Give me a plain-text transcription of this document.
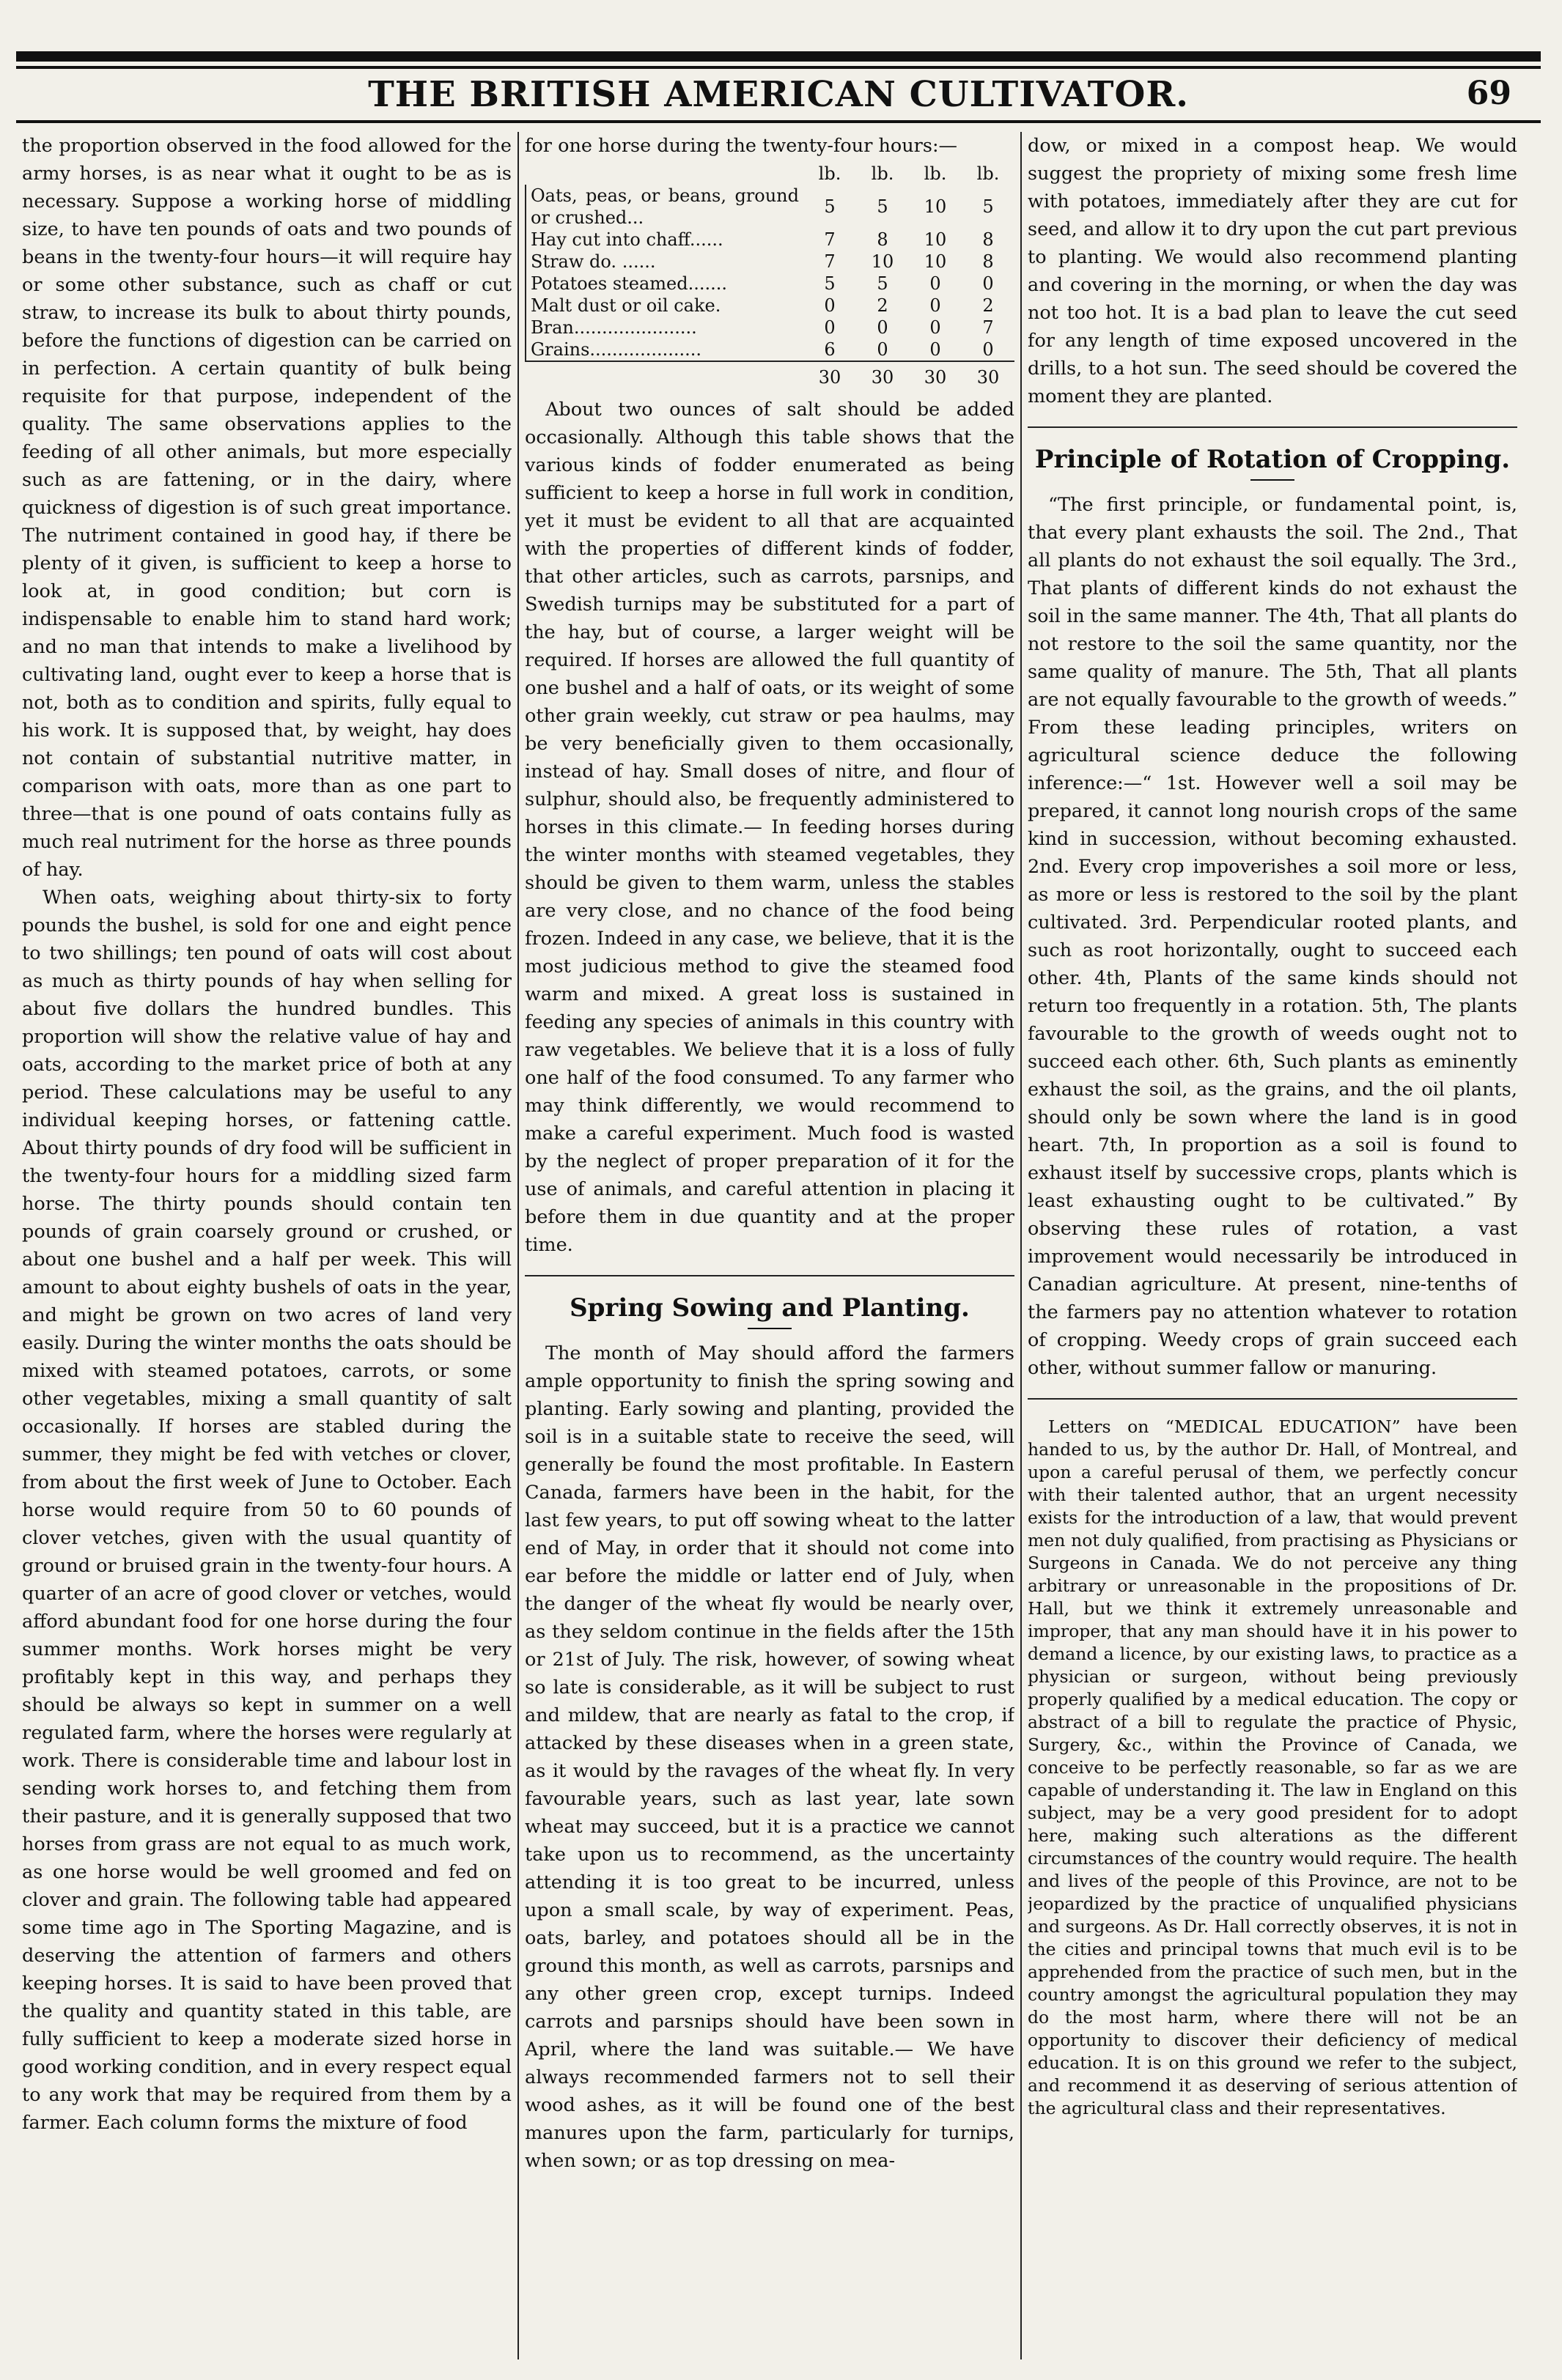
THE BRITISH AMERICAN CULTIVATOR.	69

the proportion observed in the food allowed for the army horses, is as near what it ought to be as is necessary. Suppose a working horse of middling size, to have ten pounds of oats and two pounds of beans in the twenty-four hours—it will require hay or some other substance, such as chaff or cut straw, to increase its bulk to about thirty pounds, before the functions of digestion can be carried on in perfection. A certain quantity of bulk being requisite for that purpose, independent of the quality. The same observations applies to the feeding of all other animals, but more especially such as are fattening, or in the dairy, where quickness of digestion is of such great importance. The nutriment contained in good hay, if there be plenty of it given, is sufficient to keep a horse to look at, in good condition; but corn is indispensable to enable him to stand hard work; and no man that intends to make a livelihood by cultivating land, ought ever to keep a horse that is not, both as to condition and spirits, fully equal to his work. It is supposed that, by weight, hay does not contain of substantial nutritive matter, in comparison with oats, more than as one part to three—that is one pound of oats contains fully as much real nutriment for the horse as three pounds of hay.

When oats, weighing about thirty-six to forty pounds the bushel, is sold for one and eight pence to two shillings; ten pound of oats will cost about as much as thirty pounds of hay when selling for about five dollars the hundred bundles. This proportion will show the relative value of hay and oats, according to the market price of both at any period. These calculations may be useful to any individual keeping horses, or fattening cattle. About thirty pounds of dry food will be sufficient in the twenty-four hours for a middling sized farm horse. The thirty pounds should contain ten pounds of grain coarsely ground or crushed, or about one bushel and a half per week. This will amount to about eighty bushels of oats in the year, and might be grown on two acres of land very easily. During the winter months the oats should be mixed with steamed potatoes, carrots, or some other vegetables, mixing a small quantity of salt occasionally. If horses are stabled during the summer, they might be fed with vetches or clover, from about the first week of June to October. Each horse would require from 50 to 60 pounds of clover vetches, given with the usual quantity of ground or bruised grain in the twenty-four hours. A quarter of an acre of good clover or vetches, would afford abundant food for one horse during the four summer months. Work horses might be very profitably kept in this way, and perhaps they should be always so kept in summer on a well regulated farm, where the horses were regularly at work. There is considerable time and labour lost in sending work horses to, and fetching them from their pasture, and it is generally supposed that two horses from grass are not equal to as much work, as one horse would be well groomed and fed on clover and grain. The following table had appeared some time ago in The Sporting Magazine, and is deserving the attention of farmers and others keeping horses. It is said to have been proved that the quality and quantity stated in this table, are fully sufficient to keep a moderate sized horse in good working condition, and in every respect equal to any work that may be required from them by a farmer. Each column forms the mixture of food

for one horse during the twenty-four hours:—

	lb.	lb.	lb.	lb.
Oats, peas, or beans, ground or crushed...	5	5	10	5
Hay cut into chaff......	7	8	10	8
Straw do. ......	7	10	10	8
Potatoes steamed.......	5	5	0	0
Malt dust or oil cake.	0	2	0	2
Bran......................	0	0	0	7
Grains....................	6	0	0	0
	30	30	30	30

About two ounces of salt should be added occasionally. Although this table shows that the various kinds of fodder enumerated as being sufficient to keep a horse in full work in condition, yet it must be evident to all that are acquainted with the properties of different kinds of fodder, that other articles, such as carrots, parsnips, and Swedish turnips may be substituted for a part of the hay, but of course, a larger weight will be required. If horses are allowed the full quantity of one bushel and a half of oats, or its weight of some other grain weekly, cut straw or pea haulms, may be very beneficially given to them occasionally, instead of hay. Small doses of nitre, and flour of sulphur, should also, be frequently administered to horses in this climate.— In feeding horses during the winter months with steamed vegetables, they should be given to them warm, unless the stables are very close, and no chance of the food being frozen. Indeed in any case, we believe, that it is the most judicious method to give the steamed food warm and mixed. A great loss is sustained in feeding any species of animals in this country with raw vegetables. We believe that it is a loss of fully one half of the food consumed. To any farmer who may think differently, we would recommend to make a careful experiment. Much food is wasted by the neglect of proper preparation of it for the use of animals, and careful attention in placing it before them in due quantity and at the proper time.

Spring Sowing and Planting.

The month of May should afford the farmers ample opportunity to finish the spring sowing and planting. Early sowing and planting, provided the soil is in a suitable state to receive the seed, will generally be found the most profitable. In Eastern Canada, farmers have been in the habit, for the last few years, to put off sowing wheat to the latter end of May, in order that it should not come into ear before the middle or latter end of July, when the danger of the wheat fly would be nearly over, as they seldom continue in the fields after the 15th or 21st of July. The risk, however, of sowing wheat so late is considerable, as it will be subject to rust and mildew, that are nearly as fatal to the crop, if attacked by these diseases when in a green state, as it would by the ravages of the wheat fly. In very favourable years, such as last year, late sown wheat may succeed, but it is a practice we cannot take upon us to recommend, as the uncertainty attending it is too great to be incurred, unless upon a small scale, by way of experiment. Peas, oats, barley, and potatoes should all be in the ground this month, as well as carrots, parsnips and any other green crop, except turnips. Indeed carrots and parsnips should have been sown in April, where the land was suitable.— We have always recommended farmers not to sell their wood ashes, as it will be found one of the best manures upon the farm, particularly for turnips, when sown; or as top dressing on mea-

dow, or mixed in a compost heap. We would suggest the propriety of mixing some fresh lime with potatoes, immediately after they are cut for seed, and allow it to dry upon the cut part previous to planting. We would also recommend planting and covering in the morning, or when the day was not too hot. It is a bad plan to leave the cut seed for any length of time exposed uncovered in the drills, to a hot sun. The seed should be covered the moment they are planted.

Principle of Rotation of Cropping.

“The first principle, or fundamental point, is, that every plant exhausts the soil. The 2nd., That all plants do not exhaust the soil equally. The 3rd., That plants of different kinds do not exhaust the soil in the same manner. The 4th, That all plants do not restore to the soil the same quantity, nor the same quality of manure. The 5th, That all plants are not equally favourable to the growth of weeds.” From these leading principles, writers on agricultural science deduce the following inference:—“ 1st. However well a soil may be prepared, it cannot long nourish crops of the same kind in succession, without becoming exhausted. 2nd. Every crop impoverishes a soil more or less, as more or less is restored to the soil by the plant cultivated. 3rd. Perpendicular rooted plants, and such as root horizontally, ought to succeed each other. 4th, Plants of the same kinds should not return too frequently in a rotation. 5th, The plants favourable to the growth of weeds ought not to succeed each other. 6th, Such plants as eminently exhaust the soil, as the grains, and the oil plants, should only be sown where the land is in good heart. 7th, In proportion as a soil is found to exhaust itself by successive crops, plants which is least exhausting ought to be cultivated.” By observing these rules of rotation, a vast improvement would necessarily be introduced in Canadian agriculture. At present, nine-tenths of the farmers pay no attention whatever to rotation of cropping. Weedy crops of grain succeed each other, without summer fallow or manuring.

Letters on “MEDICAL EDUCATION” have been handed to us, by the author Dr. Hall, of Montreal, and upon a careful perusal of them, we perfectly concur with their talented author, that an urgent necessity exists for the introduction of a law, that would prevent men not duly qualified, from practising as Physicians or Surgeons in Canada. We do not perceive any thing arbitrary or unreasonable in the propositions of Dr. Hall, but we think it extremely unreasonable and improper, that any man should have it in his power to demand a licence, by our existing laws, to practice as a physician or surgeon, without being previously properly qualified by a medical education. The copy or abstract of a bill to regulate the practice of Physic, Surgery, &c., within the Province of Canada, we conceive to be perfectly reasonable, so far as we are capable of understanding it. The law in England on this subject, may be a very good president for to adopt here, making such alterations as the different circumstances of the country would require. The health and lives of the people of this Province, are not to be jeopardized by the practice of unqualified physicians and surgeons. As Dr. Hall correctly observes, it is not in the cities and principal towns that much evil is to be apprehended from the practice of such men, but in the country amongst the agricultural population they may do the most harm, where there will not be an opportunity to discover their deficiency of medical education. It is on this ground we refer to the subject, and recommend it as deserving of serious attention of the agricultural class and their representatives.
